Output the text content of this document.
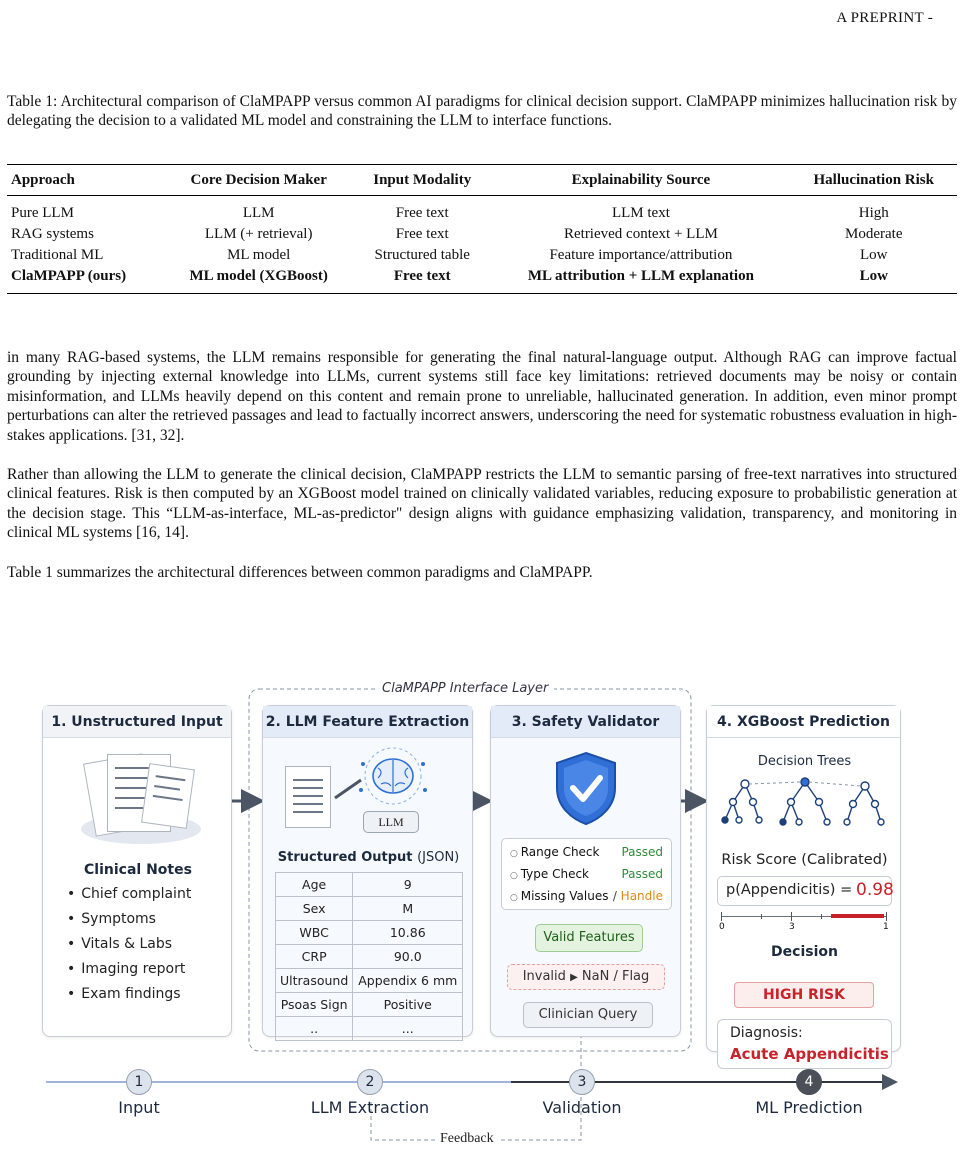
A PREPRINT -

Table 1: Architectural comparison of ClaMPAPP versus common AI paradigms for clinical decision support. ClaMPAPP minimizes hallucination risk by delegating the decision to a validated ML model and constraining the LLM to interface functions.

Approach	Core Decision Maker	Input Modality	Explainability Source	Hallucination Risk
Pure LLM	LLM	Free text	LLM text	High
RAG systems	LLM (+ retrieval)	Free text	Retrieved context + LLM	Moderate
Traditional ML	ML model	Structured table	Feature importance/attribution	Low
ClaMPAPP (ours)	ML model (XGBoost)	Free text	ML attribution + LLM explanation	Low

in many RAG-based systems, the LLM remains responsible for generating the final natural-language output. Although RAG can improve factual grounding by injecting external knowledge into LLMs, current systems still face key limitations: retrieved documents may be noisy or contain misinformation, and LLMs heavily depend on this content and remain prone to unreliable, hallucinated generation. In addition, even minor prompt perturbations can alter the retrieved passages and lead to factually incorrect answers, underscoring the need for systematic robustness evaluation in high-stakes applications. [31, 32].

Rather than allowing the LLM to generate the clinical decision, ClaMPAPP restricts the LLM to semantic parsing of free-text narratives into structured clinical features. Risk is then computed by an XGBoost model trained on clinically validated variables, reducing exposure to probabilistic generation at the decision stage. This “LLM-as-interface, ML-as-predictor" design aligns with guidance emphasizing validation, transparency, and monitoring in clinical ML systems [16, 14].

Table 1 summarizes the architectural differences between common paradigms and ClaMPAPP.

ClaMPAPP Interface Layer
1. Unstructured Input
Clinical Notes
• Chief complaint
• Symptoms
• Vitals & Labs
• Imaging report
• Exam findings
2. LLM Feature Extraction
LLM
Structured Output (JSON)
Age	9
Sex	M
WBC	10.86
CRP	90.0
Ultrasound	Appendix 6 mm
Psoas Sign	Positive
..	...
3. Safety Validator
○ Range Check Passed
○ Type Check	Passed
○ Missing Values / Handle
Valid Features
Invalid ▶ NaN / Flag
Clinician Query
4. XGBoost Prediction
Decision Trees
Risk Score (Calibrated)
p(Appendicitis) = 0.98
0	3	1
Decision
HIGH RISK
Diagnosis:
Acute Appendicitis
1
Input
2
LLM Extraction
3
Validation
4
ML Prediction
Feedback
